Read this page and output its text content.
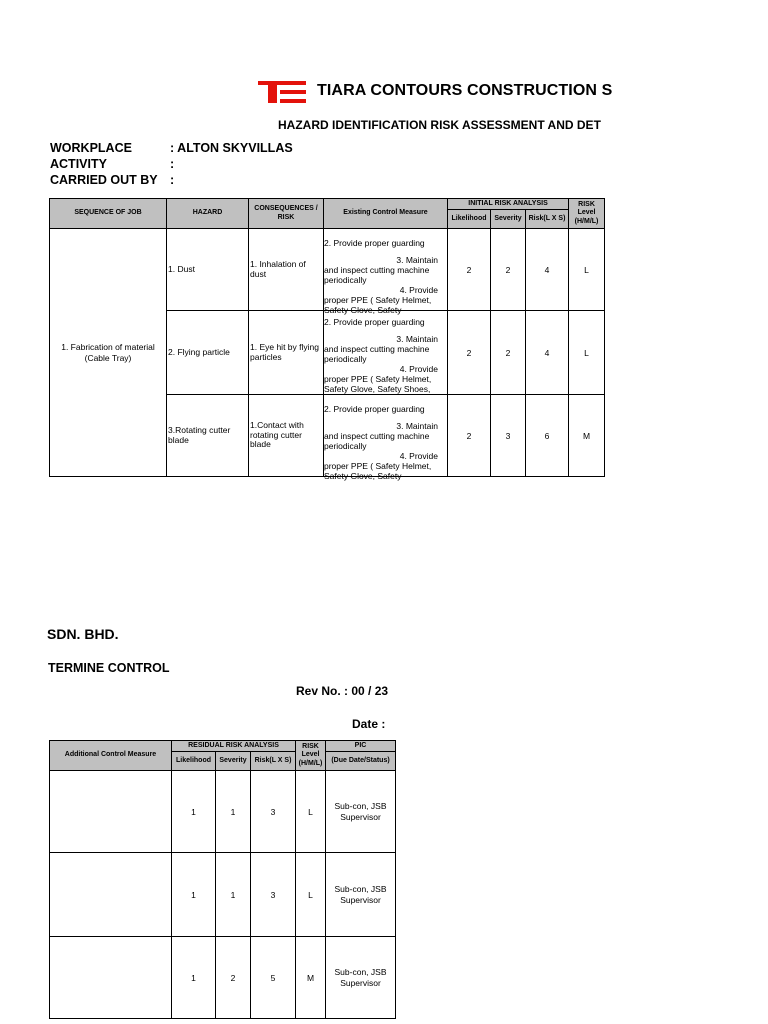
TIARA CONTOURS CONSTRUCTION S
HAZARD IDENTIFICATION RISK ASSESSMENT AND DET
WORKPLACE	: ALTON SKYVILLAS
ACTIVITY	:
CARRIED OUT BY :
SEQUENCE OF JOB	HAZARD	CONSEQUENCES / RISK	Existing Control Measure	INITIAL RISK ANALYSIS			RISK Level (H/M/L)
				Likelihood	Severity	Risk(L X S)	
1. Fabrication of material (Cable Tray)	1. Dust	1. Inhalation of dust	2. Provide proper guarding
3. Maintain
and inspect cutting machine periodically
4. Provide
proper PPE ( Safety Helmet, Safety Glove, Safety	2	2	4	L
	2. Flying particle	1. Eye hit by flying particles	2. Provide proper guarding
3. Maintain
and inspect cutting machine periodically
4. Provide
proper PPE ( Safety Helmet, Safety Glove, Safety Shoes,	2	2	4	L
	3.Rotating cutter blade	1.Contact with rotating cutter blade	2. Provide proper guarding
3. Maintain
and inspect cutting machine periodically
4. Provide
proper PPE ( Safety Helmet, Safety Glove, Safety	2	3	6	M
SDN. BHD.
TERMINE CONTROL
Rev No. : 00 / 23
Date :
Additional Control Measure	RESIDUAL RISK ANALYSIS			RISK Level (H/M/L)	PIC
	Likelihood	Severity	Risk(L X S)		(Due Date/Status)
	1	1	3	L	Sub-con, JSB Supervisor
	1	1	3	L	Sub-con, JSB Supervisor
	1	2	5	M	Sub-con, JSB Supervisor
